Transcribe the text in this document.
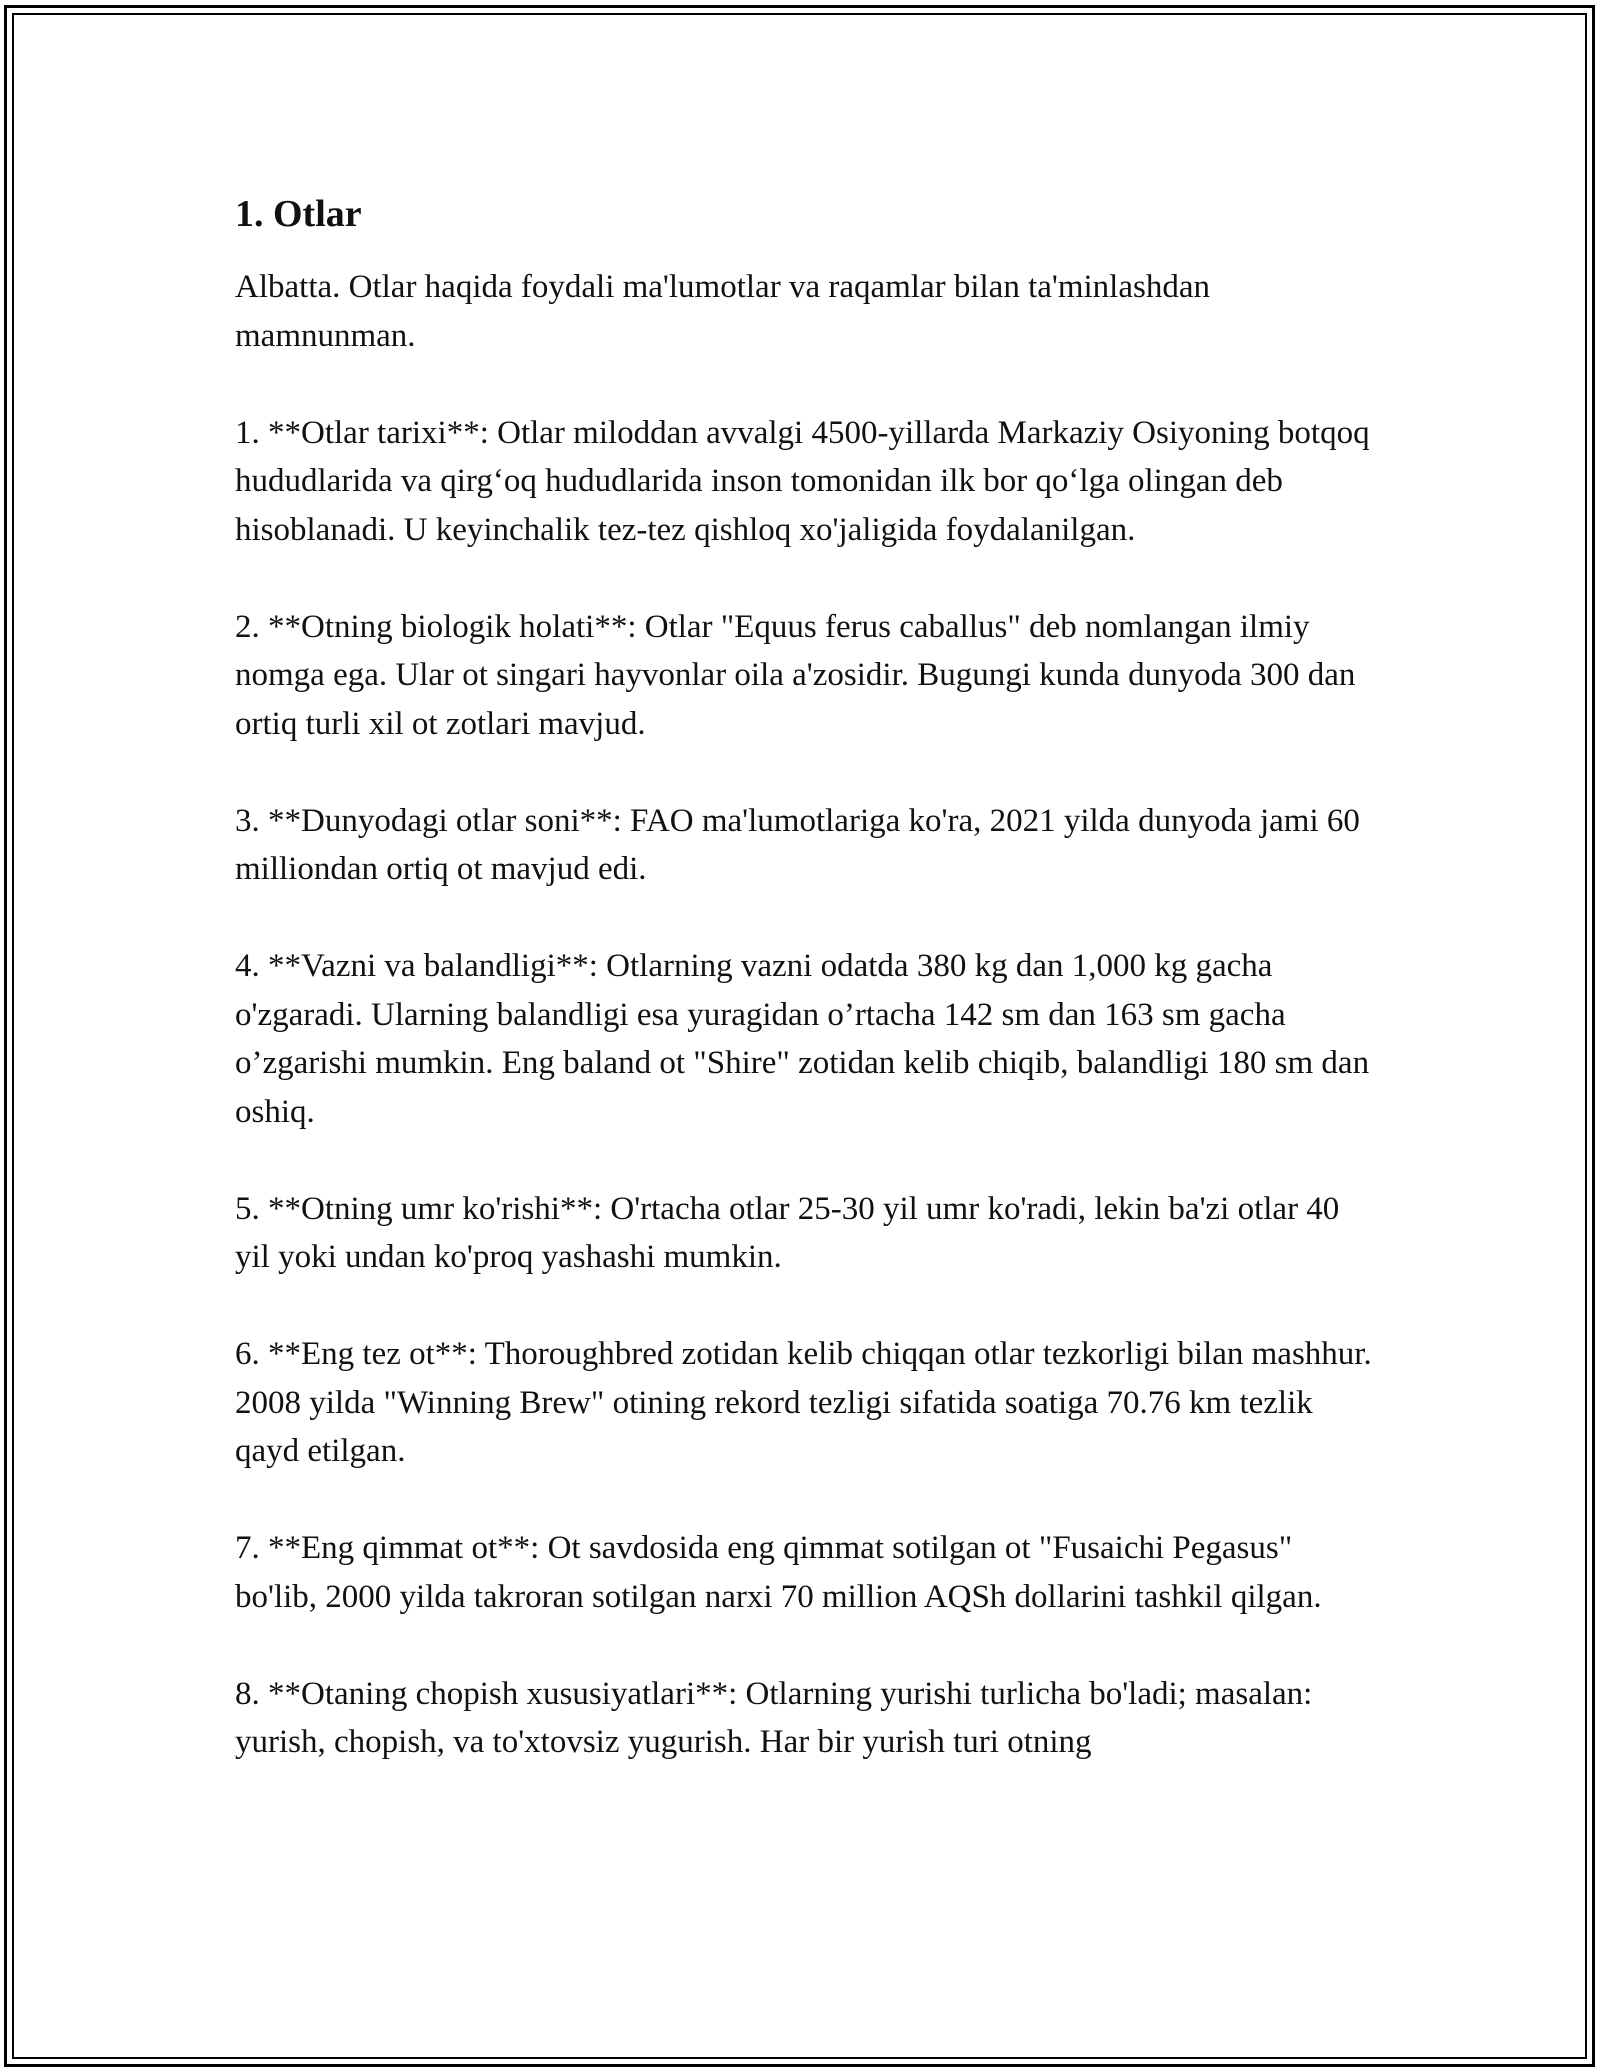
1. Otlar

Albatta. Otlar haqida foydali ma'lumotlar va raqamlar bilan ta'minlashdan mamnunman.

1. **Otlar tarixi**: Otlar miloddan avvalgi 4500-yillarda Markaziy Osiyoning botqoq hududlarida va qirg‘oq hududlarida inson tomonidan ilk bor qo‘lga olingan deb hisoblanadi. U keyinchalik tez-tez qishloq xo'jaligida foydalanilgan.

2. **Otning biologik holati**: Otlar "Equus ferus caballus" deb nomlangan ilmiy nomga ega. Ular ot singari hayvonlar oila a'zosidir. Bugungi kunda dunyoda 300 dan ortiq turli xil ot zotlari mavjud.

3. **Dunyodagi otlar soni**: FAO ma'lumotlariga ko'ra, 2021 yilda dunyoda jami 60 milliondan ortiq ot mavjud edi.

4. **Vazni va balandligi**: Otlarning vazni odatda 380 kg dan 1,000 kg gacha o'zgaradi. Ularning balandligi esa yuragidan o’rtacha 142 sm dan 163 sm gacha o’zgarishi mumkin. Eng baland ot "Shire" zotidan kelib chiqib, balandligi 180 sm dan oshiq.

5. **Otning umr ko'rishi**: O'rtacha otlar 25-30 yil umr ko'radi, lekin ba'zi otlar 40 yil yoki undan ko'proq yashashi mumkin.

6. **Eng tez ot**: Thoroughbred zotidan kelib chiqqan otlar tezkorligi bilan mashhur. 2008 yilda "Winning Brew" otining rekord tezligi sifatida soatiga 70.76 km tezlik qayd etilgan.

7. **Eng qimmat ot**: Ot savdosida eng qimmat sotilgan ot "Fusaichi Pegasus" bo'lib, 2000 yilda takroran sotilgan narxi 70 million AQSh dollarini tashkil qilgan.

8. **Otaning chopish xususiyatlari**: Otlarning yurishi turlicha bo'ladi; masalan: yurish, chopish, va to'xtovsiz yugurish. Har bir yurish turi otning
